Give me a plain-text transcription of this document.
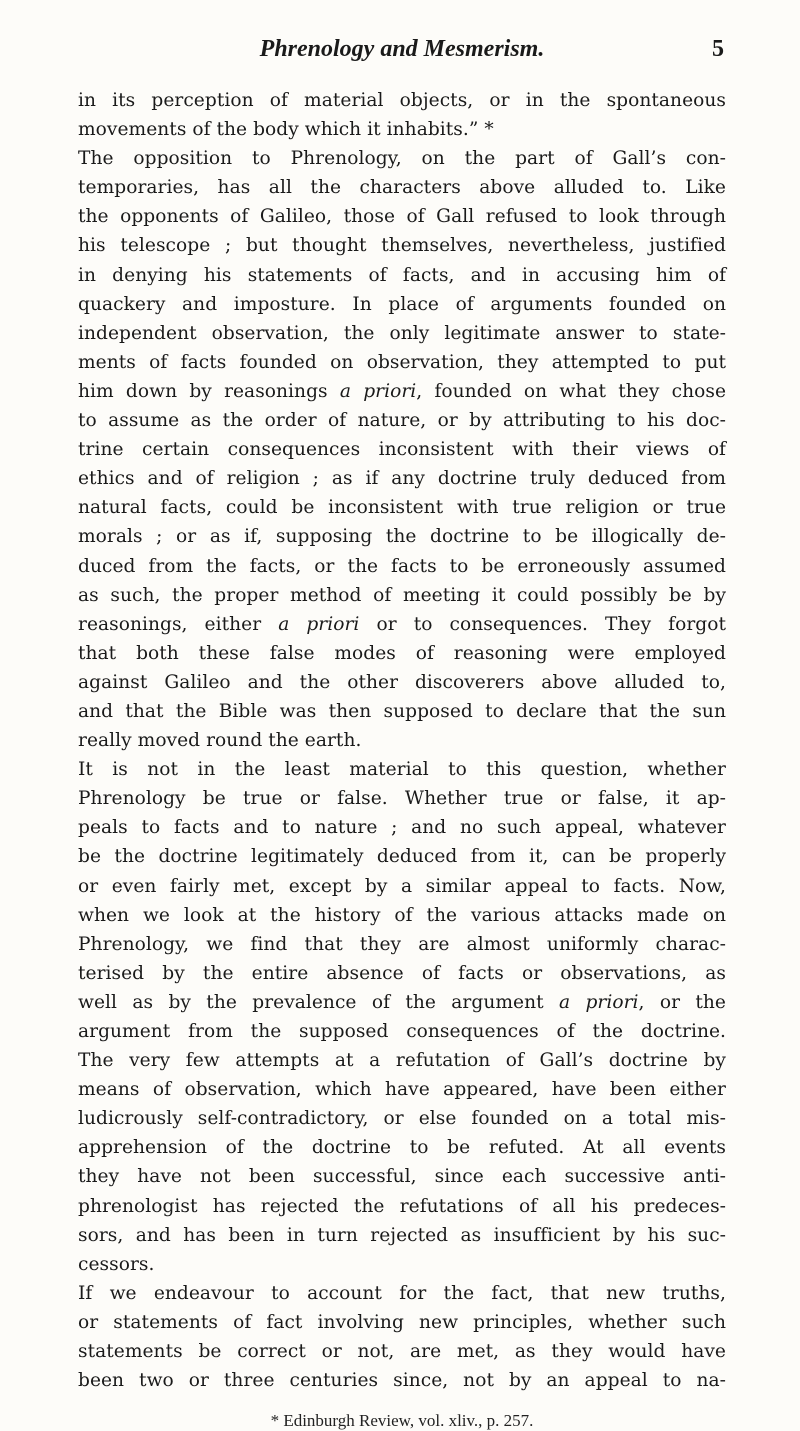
Phrenology and Mesmerism.	5
in its perception of material objects, or in the spontaneous
movements of the body which it inhabits.” *
The opposition to Phrenology, on the part of Gall’s con-
temporaries, has all the characters above alluded to. Like
the opponents of Galileo, those of Gall refused to look through
his telescope ; but thought themselves, nevertheless, justified
in denying his statements of facts, and in accusing him of
quackery and imposture. In place of arguments founded on
independent observation, the only legitimate answer to state-
ments of facts founded on observation, they attempted to put
him down by reasonings a priori, founded on what they chose
to assume as the order of nature, or by attributing to his doc-
trine certain consequences inconsistent with their views of
ethics and of religion ; as if any doctrine truly deduced from
natural facts, could be inconsistent with true religion or true
morals ; or as if, supposing the doctrine to be illogically de-
duced from the facts, or the facts to be erroneously assumed
as such, the proper method of meeting it could possibly be by
reasonings, either a priori or to consequences. They forgot
that both these false modes of reasoning were employed
against Galileo and the other discoverers above alluded to,
and that the Bible was then supposed to declare that the sun
really moved round the earth.
It is not in the least material to this question, whether
Phrenology be true or false. Whether true or false, it ap-
peals to facts and to nature ; and no such appeal, whatever
be the doctrine legitimately deduced from it, can be properly
or even fairly met, except by a similar appeal to facts. Now,
when we look at the history of the various attacks made on
Phrenology, we find that they are almost uniformly charac-
terised by the entire absence of facts or observations, as
well as by the prevalence of the argument a priori, or the
argument from the supposed consequences of the doctrine.
The very few attempts at a refutation of Gall’s doctrine by
means of observation, which have appeared, have been either
ludicrously self-contradictory, or else founded on a total mis-
apprehension of the doctrine to be refuted. At all events
they have not been successful, since each successive anti-
phrenologist has rejected the refutations of all his predeces-
sors, and has been in turn rejected as insufficient by his suc-
cessors.
If we endeavour to account for the fact, that new truths,
or statements of fact involving new principles, whether such
statements be correct or not, are met, as they would have
been two or three centuries since, not by an appeal to na-
* Edinburgh Review, vol. xliv., p. 257.
